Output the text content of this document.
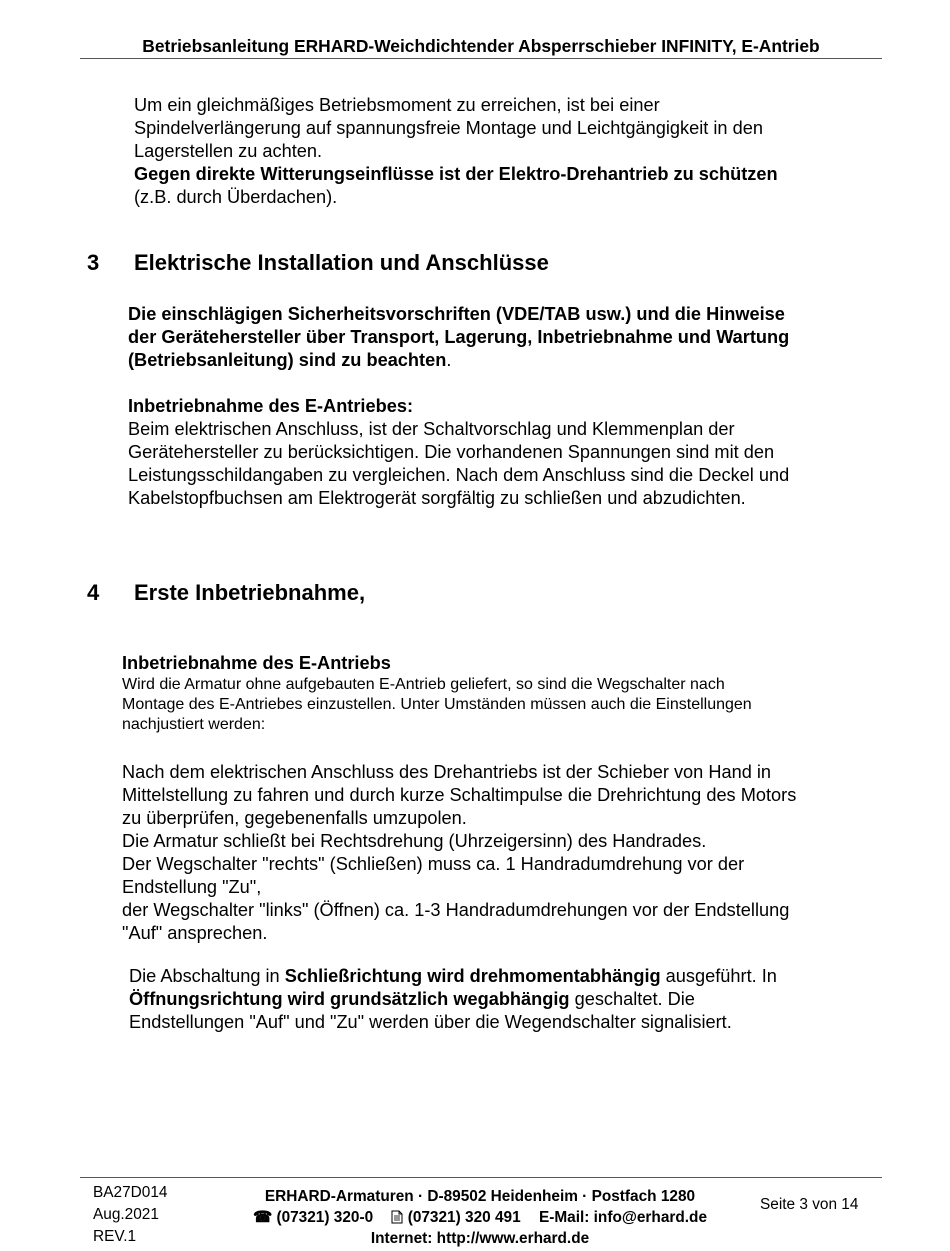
Betriebsanleitung ERHARD-Weichdichtender Absperrschieber INFINITY, E-Antrieb
Um ein gleichmäßiges Betriebsmoment zu erreichen, ist bei einer
Spindelverlängerung auf spannungsfreie Montage und Leichtgängigkeit in den
Lagerstellen zu achten.
Gegen direkte Witterungseinflüsse ist der Elektro-Drehantrieb zu schützen
(z.B. durch Überdachen).
3 Elektrische Installation und Anschlüsse
Die einschlägigen Sicherheitsvorschriften (VDE/TAB usw.) und die Hinweise
der Gerätehersteller über Transport, Lagerung, Inbetriebnahme und Wartung
(Betriebsanleitung) sind zu beachten.
Inbetriebnahme des E-Antriebes:
Beim elektrischen Anschluss, ist der Schaltvorschlag und Klemmenplan der
Gerätehersteller zu berücksichtigen. Die vorhandenen Spannungen sind mit den
Leistungsschildangaben zu vergleichen. Nach dem Anschluss sind die Deckel und
Kabelstopfbuchsen am Elektrogerät sorgfältig zu schließen und abzudichten.
4 Erste Inbetriebnahme,
Inbetriebnahme des E-Antriebs
Wird die Armatur ohne aufgebauten E-Antrieb geliefert, so sind die Wegschalter nach
Montage des E-Antriebes einzustellen. Unter Umständen müssen auch die Einstellungen
nachjustiert werden:
Nach dem elektrischen Anschluss des Drehantriebs ist der Schieber von Hand in
Mittelstellung zu fahren und durch kurze Schaltimpulse die Drehrichtung des Motors
zu überprüfen, gegebenenfalls umzupolen.
Die Armatur schließt bei Rechtsdrehung (Uhrzeigersinn) des Handrades.
Der Wegschalter "rechts" (Schließen) muss ca. 1 Handradumdrehung vor der
Endstellung "Zu",
der Wegschalter "links" (Öffnen) ca. 1-3 Handradumdrehungen vor der Endstellung
"Auf" ansprechen.
Die Abschaltung in Schließrichtung wird drehmomentabhängig ausgeführt. In
Öffnungsrichtung wird grundsätzlich wegabhängig geschaltet. Die
Endstellungen "Auf" und "Zu" werden über die Wegendschalter signalisiert.
BA27D014
Aug.2021
REV.1
ERHARD-Armaturen · D-89502 Heidenheim · Postfach 1280
☎ (07321) 320-0 (07321) 320 491 E-Mail: info@erhard.de
Internet: http://www.erhard.de
Seite 3 von 14
